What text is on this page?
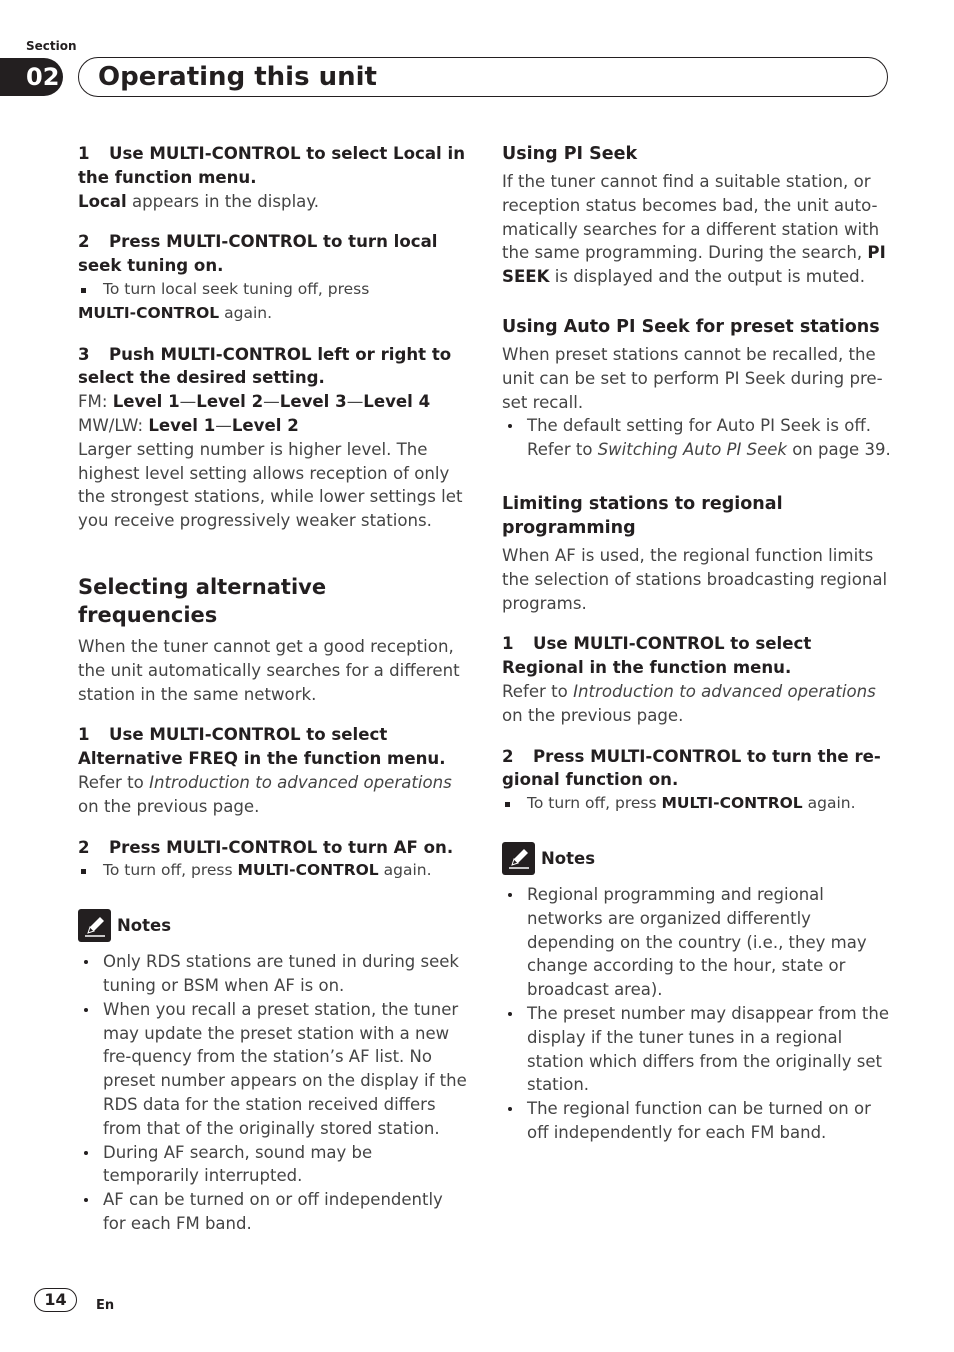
Section
02 Operating this unit

1 Use MULTI-CONTROL to select Local in the function menu.

Local appears in the display.

2 Press MULTI-CONTROL to turn local seek tuning on.

To turn local seek tuning off, press
MULTI-CONTROL again.

3 Push MULTI-CONTROL left or right to select the desired setting.

FM: Level 1—Level 2—Level 3—Level 4

MW/LW: Level 1—Level 2

Larger setting number is higher level. The highest level setting allows reception of only the strongest stations, while lower settings let you receive progressively weaker stations.

Selecting alternative frequencies

When the tuner cannot get a good reception, the unit automatically searches for a different station in the same network.

1 Use MULTI-CONTROL to select Alternative FREQ in the function menu.

Refer to Introduction to advanced operations on the previous page.

2 Press MULTI-CONTROL to turn AF on.

To turn off, press MULTI-CONTROL again.
Notes
Only RDS stations are tuned in during seek tuning or BSM when AF is on.
When you recall a preset station, the tuner may update the preset station with a new fre-quency from the station’s AF list. No preset number appears on the display if the RDS data for the station received differs from that of the originally stored station.
During AF search, sound may be temporarily interrupted.
AF can be turned on or off independently for each FM band.
Using PI Seek

If the tuner cannot find a suitable station, or reception status becomes bad, the unit auto-matically searches for a different station with the same programming. During the search, PI SEEK is displayed and the output is muted.

Using Auto PI Seek for preset stations

When preset stations cannot be recalled, the unit can be set to perform PI Seek during pre-set recall.

The default setting for Auto PI Seek is off. Refer to Switching Auto PI Seek on page 39.
Limiting stations to regional programming

When AF is used, the regional function limits the selection of stations broadcasting regional programs.

1 Use MULTI-CONTROL to select Regional in the function menu.

Refer to Introduction to advanced operations on the previous page.

2 Press MULTI-CONTROL to turn the re-gional function on.

To turn off, press MULTI-CONTROL again.
Notes
Regional programming and regional networks are organized differently depending on the country (i.e., they may change according to the hour, state or broadcast area).
The preset number may disappear from the display if the tuner tunes in a regional station which differs from the originally set station.
The regional function can be turned on or off independently for each FM band.
14	En
